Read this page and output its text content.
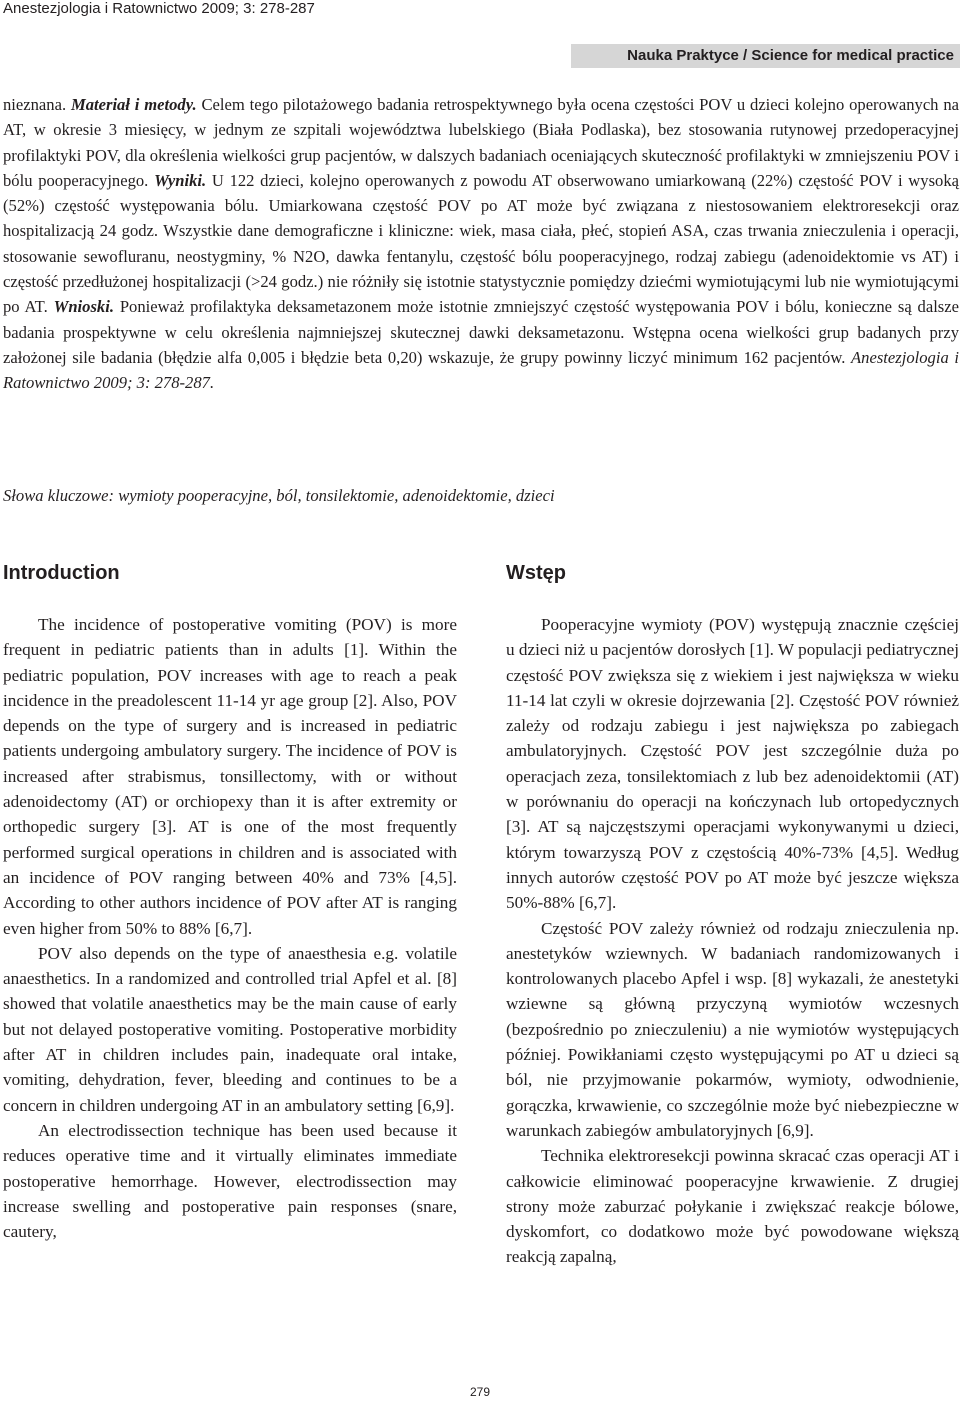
Anestezjologia i Ratownictwo 2009; 3: 278-287
Nauka Praktyce / Science for medical practice

nieznana. Materiał i metody. Celem tego pilotażowego badania retrospektywnego była ocena częstości POV u dzieci kolejno operowanych na AT, w okresie 3 miesięcy, w jednym ze szpitali województwa lubelskiego (Biała Podlaska), bez stosowania rutynowej przedoperacyjnej profilaktyki POV, dla określenia wielkości grup pacjentów, w dalszych badaniach oceniających skuteczność profilaktyki w zmniejszeniu POV i bólu pooperacyjnego. Wyniki. U 122 dzieci, kolejno operowanych z powodu AT obserwowano umiarkowaną (22%) częstość POV i wysoką (52%) częstość występowania bólu. Umiarkowana częstość POV po AT może być związana z niestosowaniem elektroresekcji oraz hospitalizacją 24 godz. Wszystkie dane demograficzne i kliniczne: wiek, masa ciała, płeć, stopień ASA, czas trwania znieczulenia i operacji, stosowanie sewofluranu, neostygminy, % N2O, dawka fentanylu, częstość bólu pooperacyjnego, rodzaj zabiegu (adenoidektomie vs AT) i częstość przedłużonej hospitalizacji (>24 godz.) nie różniły się istotnie statystycznie pomiędzy dziećmi wymiotującymi lub nie wymiotującymi po AT. Wnioski. Ponieważ profilaktyka deksametazonem może istotnie zmniejszyć częstość występowania POV i bólu, konieczne są dalsze badania prospektywne w celu określenia najmniejszej skutecznej dawki deksametazonu. Wstępna ocena wielkości grup badanych przy założonej sile badania (błędzie alfa 0,005 i błędzie beta 0,20) wskazuje, że grupy powinny liczyć minimum 162 pacjentów. Anestezjologia i Ratownictwo 2009; 3: 278-287.

Słowa kluczowe: wymioty pooperacyjne, ból, tonsilektomie, adenoidektomie, dzieci

Introduction

The incidence of postoperative vomiting (POV) is more frequent in pediatric patients than in adults [1]. Within the pediatric population, POV increases with age to reach a peak incidence in the preadolescent 11-14 yr age group [2]. Also, POV depends on the type of surgery and is increased in pediatric patients undergoing ambulatory surgery. The incidence of POV is increased after strabismus, tonsillectomy, with or without adenoidectomy (AT) or orchiopexy than it is after extremity or orthopedic surgery [3]. AT is one of the most frequently performed surgical operations in children and is associated with an incidence of POV ranging between 40% and 73% [4,5]. According to other authors incidence of POV after AT is ranging even higher from 50% to 88% [6,7].

POV also depends on the type of anaesthesia e.g. volatile anaesthetics. In a randomized and controlled trial Apfel et al. [8] showed that volatile anaesthetics may be the main cause of early but not delayed postoperative vomiting. Postoperative morbidity after AT in children includes pain, inadequate oral intake, vomiting, dehydration, fever, bleeding and continues to be a concern in children undergoing AT in an ambulatory setting [6,9].

An electrodissection technique has been used because it reduces operative time and it virtually eliminates immediate postoperative hemorrhage. However, electrodissection may increase swelling and postoperative pain responses (snare, cautery,

Wstęp

Pooperacyjne wymioty (POV) występują znacznie częściej u dzieci niż u pacjentów dorosłych [1]. W populacji pediatrycznej częstość POV zwiększa się z wiekiem i jest największa w wieku 11-14 lat czyli w okresie dojrzewania [2]. Częstość POV również zależy od rodzaju zabiegu i jest największa po zabiegach ambulatoryjnych. Częstość POV jest szczególnie duża po operacjach zeza, tonsilektomiach z lub bez adenoidektomii (AT) w porównaniu do operacji na kończynach lub ortopedycznych [3]. AT są najczęstszymi operacjami wykonywanymi u dzieci, którym towarzyszą POV z częstością 40%-73% [4,5]. Według innych autorów częstość POV po AT może być jeszcze większa 50%-88% [6,7].

Częstość POV zależy również od rodzaju znieczulenia np. anestetyków wziewnych. W badaniach randomizowanych i kontrolowanych placebo Apfel i wsp. [8] wykazali, że anestetyki wziewne są główną przyczyną wymiotów wczesnych (bezpośrednio po znieczuleniu) a nie wymiotów występujących później. Powikłaniami często występującymi po AT u dzieci są ból, nie przyjmowanie pokarmów, wymioty, odwodnienie, gorączka, krwawienie, co szczególnie może być niebezpieczne w warunkach zabiegów ambulatoryjnych [6,9].

Technika elektroresekcji powinna skracać czas operacji AT i całkowicie eliminować pooperacyjne krwawienie. Z drugiej strony może zaburzać połykanie i zwiększać reakcje bólowe, dyskomfort, co dodatkowo może być powodowane większą reakcją zapalną,

279
